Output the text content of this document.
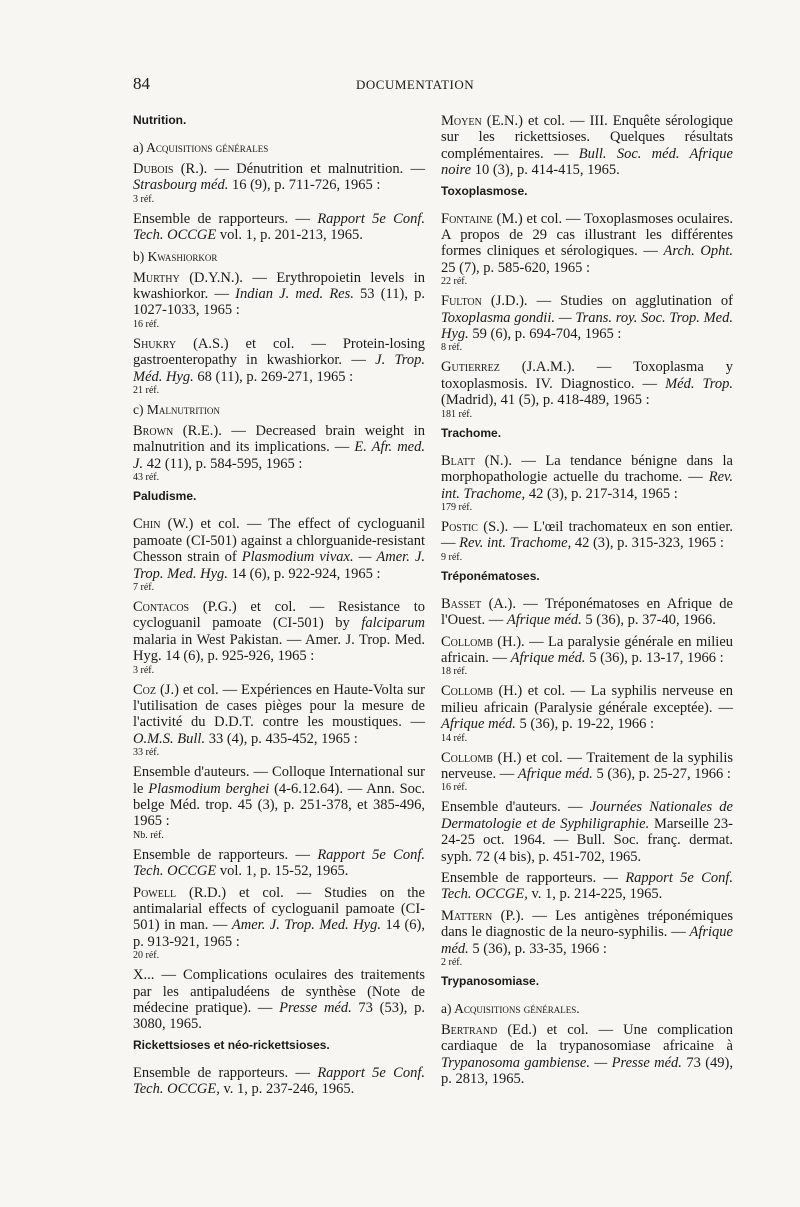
84	DOCUMENTATION
Nutrition.
a) Acquisitions générales
Dubois (R.). — Dénutrition et malnutrition. — Strasbourg méd. 16 (9), p. 711-726, 1965 :
3 réf.
Ensemble de rapporteurs. — Rapport 5e Conf. Tech. OCCGE vol. 1, p. 201-213, 1965.
b) Kwashiorkor
Murthy (D.Y.N.). — Erythropoietin levels in kwashiorkor. — Indian J. med. Res. 53 (11), p. 1027-1033, 1965 :
16 réf.
Shukry (A.S.) et col. — Protein-losing gastroenteropathy in kwashiorkor. — J. Trop. Méd. Hyg. 68 (11), p. 269-271, 1965 :
21 réf.
c) Malnutrition
Brown (R.E.). — Decreased brain weight in malnutrition and its implications. — E. Afr. med. J. 42 (11), p. 584-595, 1965 :
43 réf.
Paludisme.
Chin (W.) et col. — The effect of cycloguanil pamoate (CI-501) against a chlorguanide-resistant Chesson strain of Plasmodium vivax. — Amer. J. Trop. Med. Hyg. 14 (6), p. 922-924, 1965 :
7 réf.
Contacos (P.G.) et col. — Resistance to cycloguanil pamoate (CI-501) by falciparum malaria in West Pakistan. — Amer. J. Trop. Med. Hyg. 14 (6), p. 925-926, 1965 :
3 réf.
Coz (J.) et col. — Expériences en Haute-Volta sur l'utilisation de cases pièges pour la mesure de l'activité du D.D.T. contre les moustiques. — O.M.S. Bull. 33 (4), p. 435-452, 1965 :
33 réf.
Ensemble d'auteurs. — Colloque International sur le Plasmodium berghei (4-6.12.64). — Ann. Soc. belge Méd. trop. 45 (3), p. 251-378, et 385-496, 1965 :
Nb. réf.
Ensemble de rapporteurs. — Rapport 5e Conf. Tech. OCCGE vol. 1, p. 15-52, 1965.
Powell (R.D.) et col. — Studies on the antimalarial effects of cycloguanil pamoate (CI-501) in man. — Amer. J. Trop. Med. Hyg. 14 (6), p. 913-921, 1965 :
20 réf.
X... — Complications oculaires des traitements par les antipaludéens de synthèse (Note de médecine pratique). — Presse méd. 73 (53), p. 3080, 1965.
Rickettsioses et néo-rickettsioses.
Ensemble de rapporteurs. — Rapport 5e Conf. Tech. OCCGE, v. 1, p. 237-246, 1965.
Moyen (E.N.) et col. — III. Enquête sérologique sur les rickettsioses. Quelques résultats complémentaires. — Bull. Soc. méd. Afrique noire 10 (3), p. 414-415, 1965.
Toxoplasmose.
Fontaine (M.) et col. — Toxoplasmoses oculaires. A propos de 29 cas illustrant les différentes formes cliniques et sérologiques. — Arch. Opht. 25 (7), p. 585-620, 1965 :
22 réf.
Fulton (J.D.). — Studies on agglutination of Toxoplasma gondii. — Trans. roy. Soc. Trop. Med. Hyg. 59 (6), p. 694-704, 1965 :
8 réf.
Gutierrez (J.A.M.). — Toxoplasma y toxoplasmosis. IV. Diagnostico. — Méd. Trop. (Madrid), 41 (5), p. 418-489, 1965 :
181 réf.
Trachome.
Blatt (N.). — La tendance bénigne dans la morphopathologie actuelle du trachome. — Rev. int. Trachome, 42 (3), p. 217-314, 1965 :
179 réf.
Postic (S.). — L'œil trachomateux en son entier. — Rev. int. Trachome, 42 (3), p. 315-323, 1965 :
9 réf.
Tréponématoses.
Basset (A.). — Tréponématoses en Afrique de l'Ouest. — Afrique méd. 5 (36), p. 37-40, 1966.
Collomb (H.). — La paralysie générale en milieu africain. — Afrique méd. 5 (36), p. 13-17, 1966 :
18 réf.
Collomb (H.) et col. — La syphilis nerveuse en milieu africain (Paralysie générale exceptée). — Afrique méd. 5 (36), p. 19-22, 1966 :
14 réf.
Collomb (H.) et col. — Traitement de la syphilis nerveuse. — Afrique méd. 5 (36), p. 25-27, 1966 :
16 réf.
Ensemble d'auteurs. — Journées Nationales de Dermatologie et de Syphiligraphie. Marseille 23-24-25 oct. 1964. — Bull. Soc. franç. dermat. syph. 72 (4 bis), p. 451-702, 1965.
Ensemble de rapporteurs. — Rapport 5e Conf. Tech. OCCGE, v. 1, p. 214-225, 1965.
Mattern (P.). — Les antigènes tréponémiques dans le diagnostic de la neuro-syphilis. — Afrique méd. 5 (36), p. 33-35, 1966 :
2 réf.
Trypanosomiase.
a) Acquisitions générales.
Bertrand (Ed.) et col. — Une complication cardiaque de la trypanosomiase africaine à Trypanosoma gambiense. — Presse méd. 73 (49), p. 2813, 1965.
